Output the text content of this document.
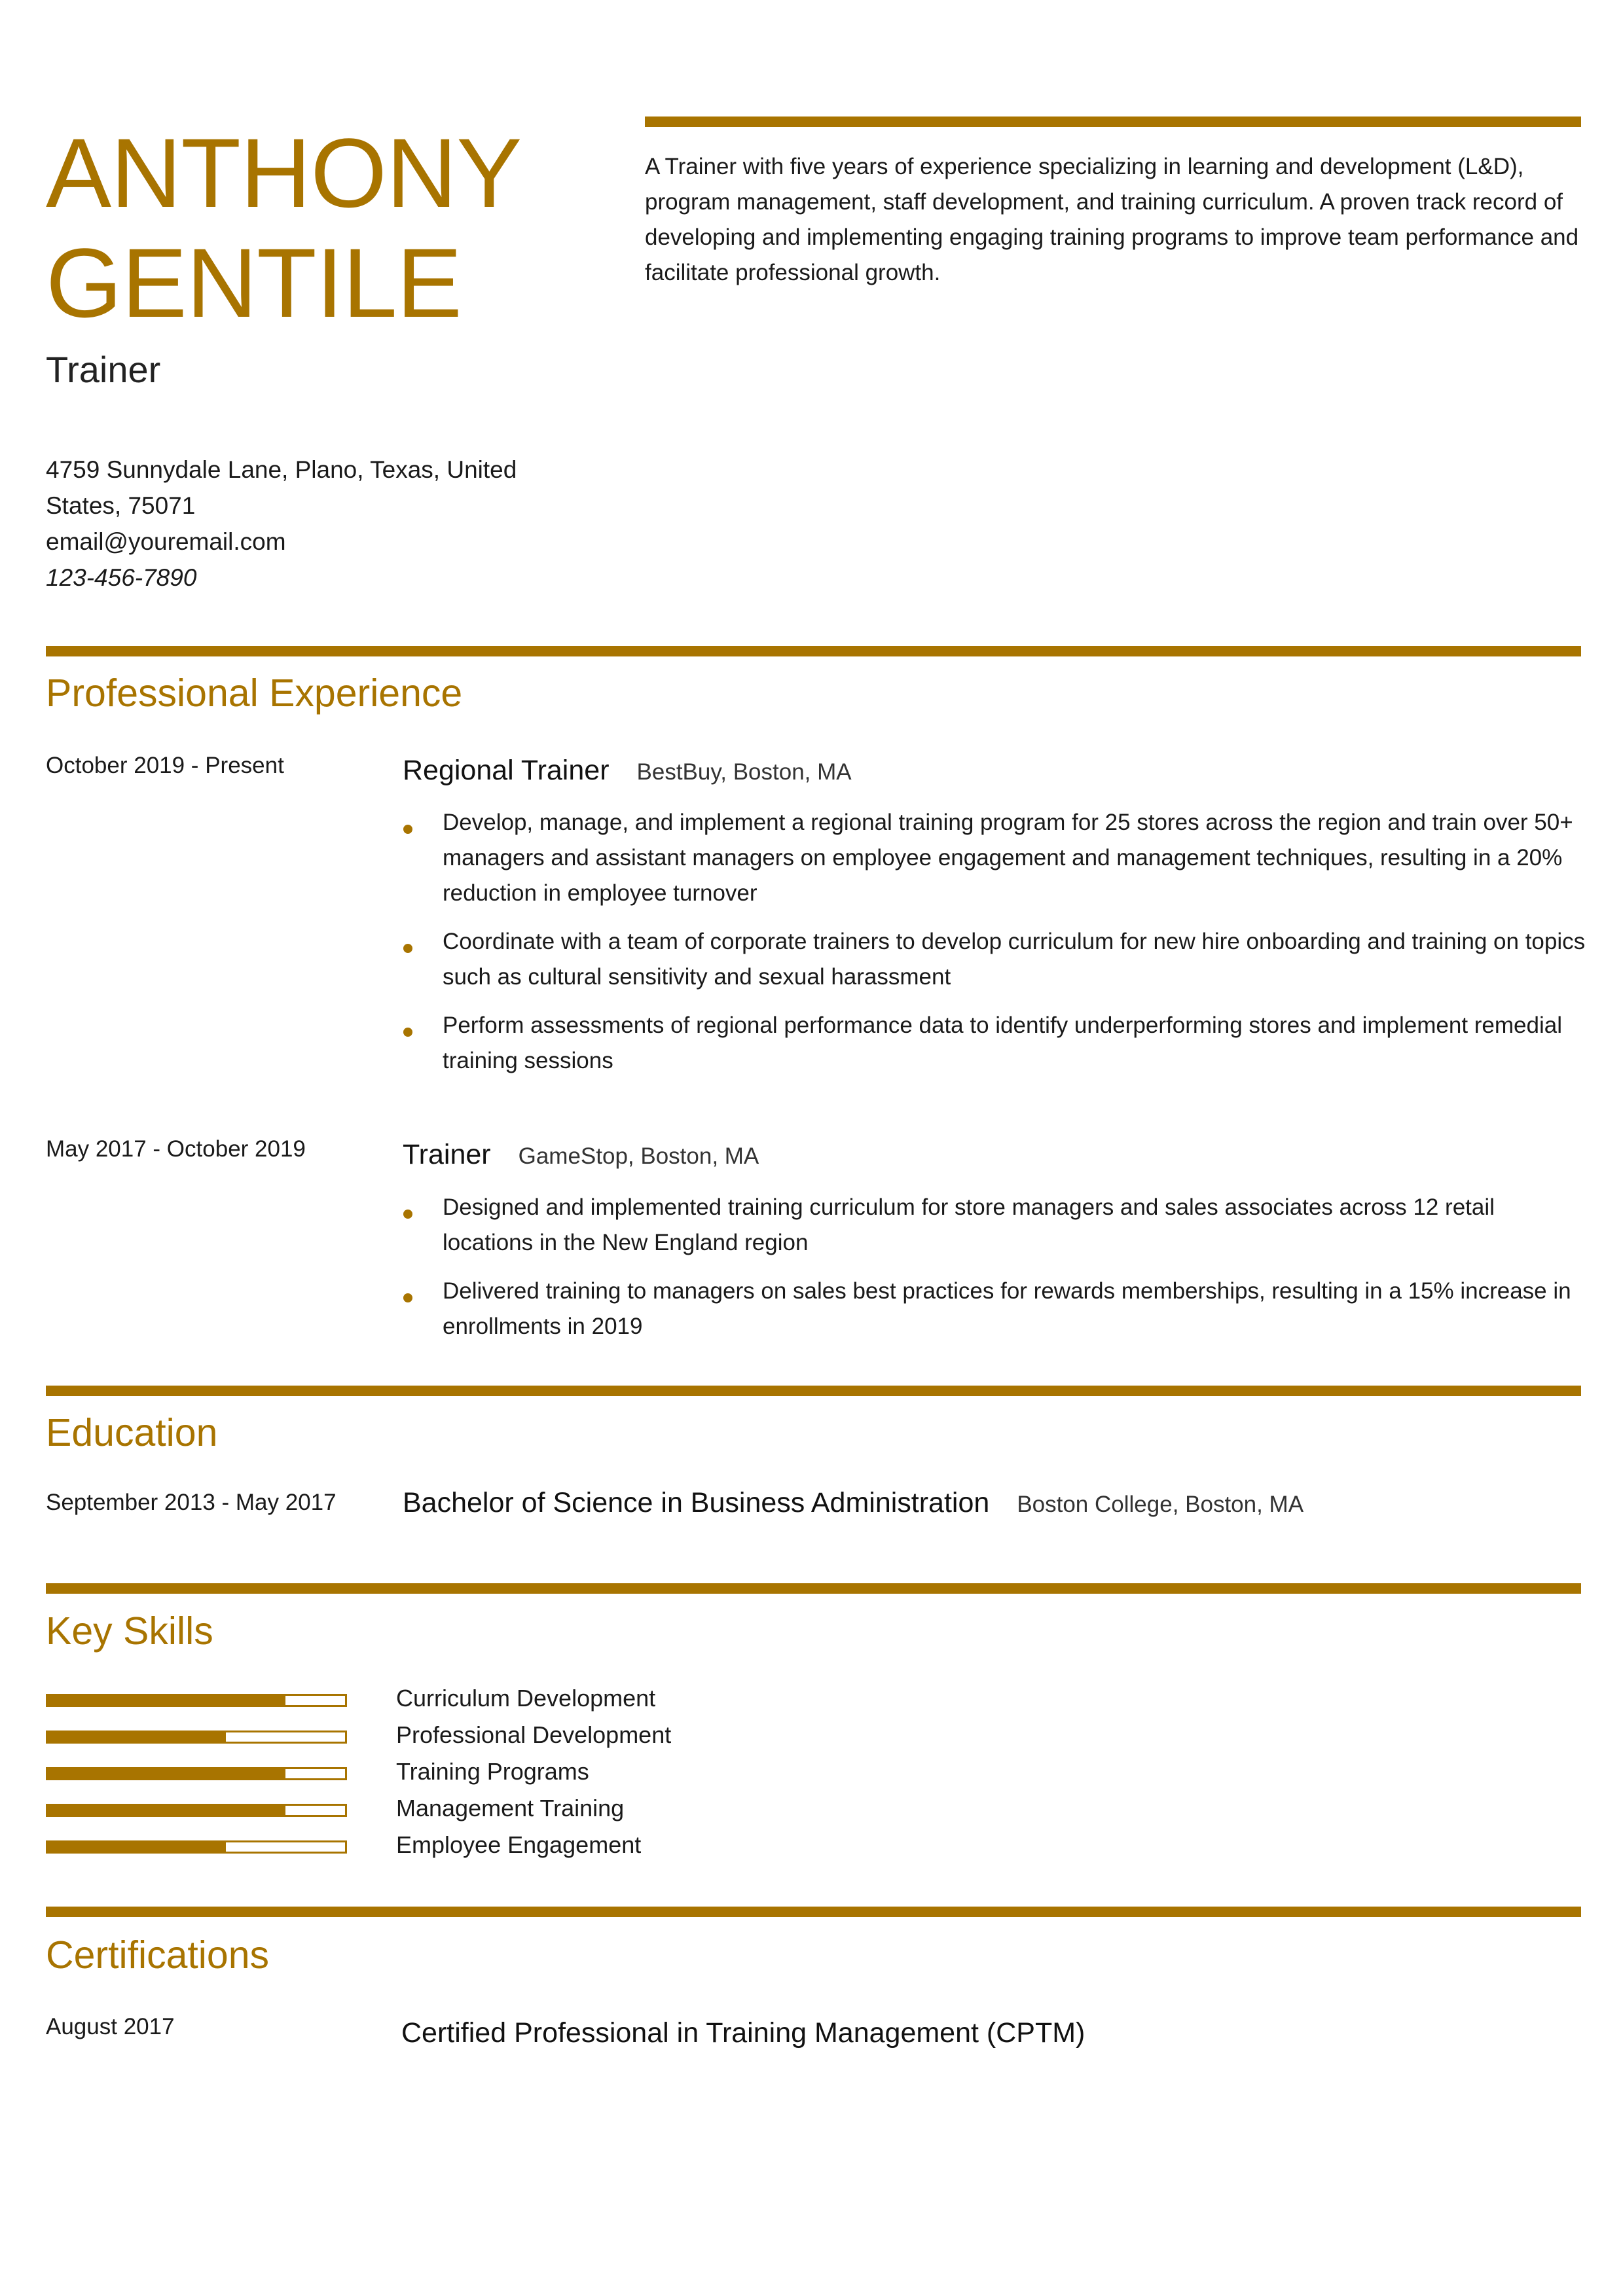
ANTHONY
GENTILE
Trainer
4759 Sunnydale Lane, Plano, Texas, United
States, 75071
email@youremail.com
123-456-7890
A Trainer with five years of experience specializing in learning and development (L&D), program management, staff development, and training curriculum. A proven track record of developing and implementing engaging training programs to improve team performance and facilitate professional growth.
Professional Experience
October 2019 - Present	Regional Trainer BestBuy, Boston, MA
Develop, manage, and implement a regional training program for 25 stores across the region and train over 50+ managers and assistant managers on employee engagement and management techniques, resulting in a 20% reduction in employee turnover
Coordinate with a team of corporate trainers to develop curriculum for new hire onboarding and training on topics such as cultural sensitivity and sexual harassment
Perform assessments of regional performance data to identify underperforming stores and implement remedial training sessions
May 2017 - October 2019	Trainer GameStop, Boston, MA
Designed and implemented training curriculum for store managers and sales associates across 12 retail locations in the New England region
Delivered training to managers on sales best practices for rewards memberships, resulting in a 15% increase in enrollments in 2019
Education
September 2013 - May 2017 Bachelor of Science in Business Administration Boston College, Boston, MA
Key Skills
Curriculum Development
Professional Development
Training Programs
Management Training
Employee Engagement
Certifications
August 2017	Certified Professional in Training Management (CPTM)
